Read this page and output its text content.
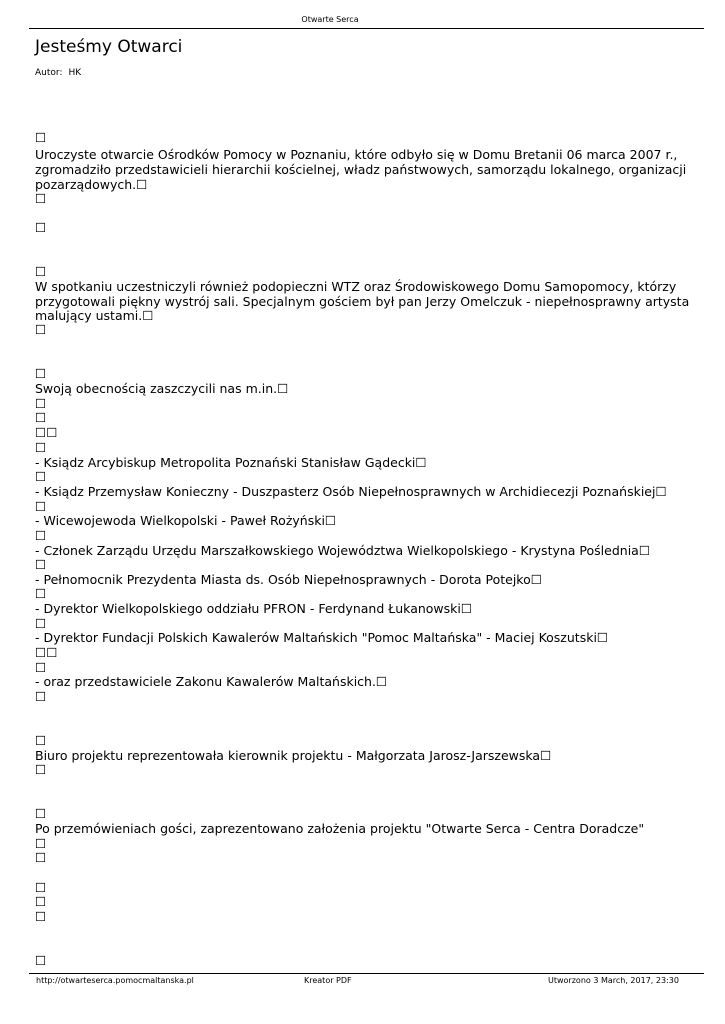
Otwarte Serca
Jesteśmy Otwarci
Autor: HK
☐
Uroczyste otwarcie Ośrodków Pomocy w Poznaniu, które odbyło się w Domu Bretanii 06 marca 2007 r.,
zgromadziło przedstawicieli hierarchii kościelnej, władz państwowych, samorządu lokalnego, organizacji
pozarządowych.☐
☐
☐
☐
W spotkaniu uczestniczyli również podopieczni WTZ oraz Środowiskowego Domu Samopomocy, którzy
przygotowali piękny wystrój sali. Specjalnym gościem był pan Jerzy Omelczuk - niepełnosprawny artysta
malujący ustami.☐
☐
☐
Swoją obecnością zaszczycili nas m.in.☐
☐
☐
☐☐
☐
- Ksiądz Arcybiskup Metropolita Poznański Stanisław Gądecki☐
☐
- Ksiądz Przemysław Konieczny - Duszpasterz Osób Niepełnosprawnych w Archidiecezji Poznańskiej☐
☐
- Wicewojewoda Wielkopolski - Paweł Rożyński☐
☐
- Członek Zarządu Urzędu Marszałkowskiego Województwa Wielkopolskiego - Krystyna Poślednia☐
☐
- Pełnomocnik Prezydenta Miasta ds. Osób Niepełnosprawnych - Dorota Potejko☐
☐
- Dyrektor Wielkopolskiego oddziału PFRON - Ferdynand Łukanowski☐
☐
- Dyrektor Fundacji Polskich Kawalerów Maltańskich "Pomoc Maltańska" - Maciej Koszutski☐
☐☐
☐
- oraz przedstawiciele Zakonu Kawalerów Maltańskich.☐
☐
☐
Biuro projektu reprezentowała kierownik projektu - Małgorzata Jarosz-Jarszewska☐
☐
☐
Po przemówieniach gości, zaprezentowano założenia projektu "Otwarte Serca - Centra Doradcze"
☐
☐
☐
☐
☐
☐
http://otwarteserca.pomocmaltanska.pl	Kreator PDF	Utworzono 3 March, 2017, 23:30
